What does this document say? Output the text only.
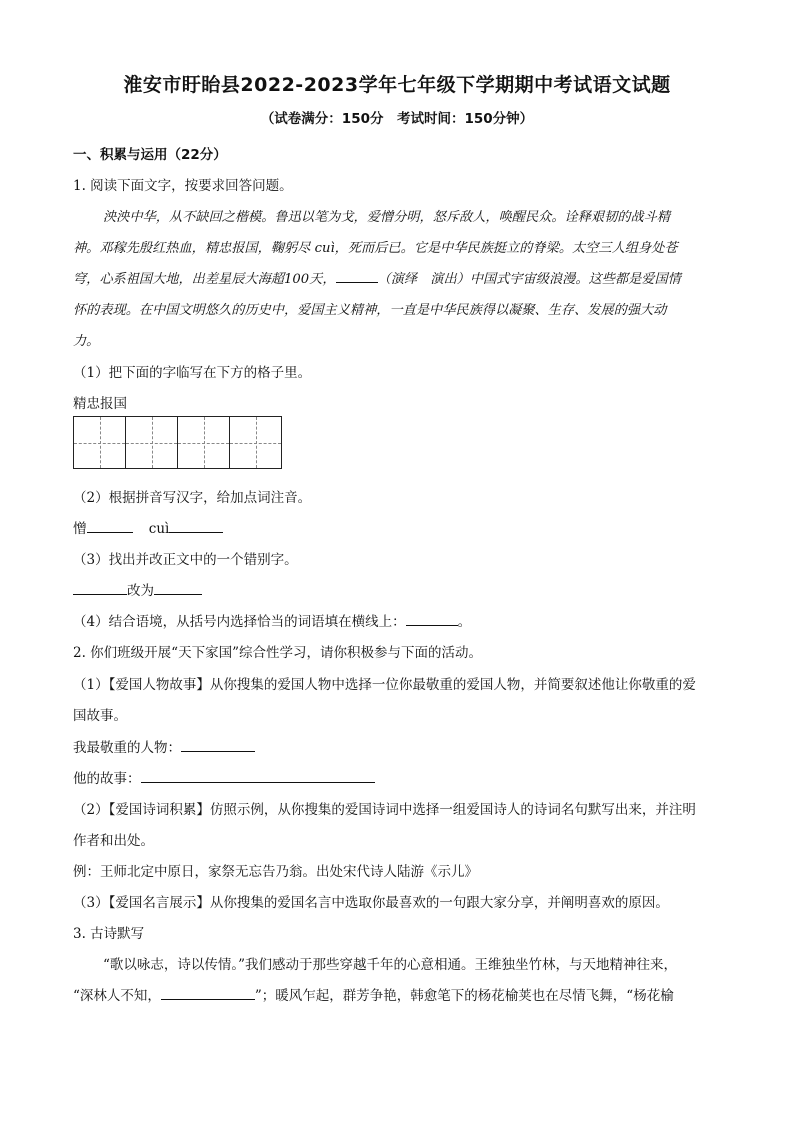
淮安市盱眙县2022-2023学年七年级下学期期中考试语文试题
（试卷满分：150分　考试时间：150分钟）
一、积累与运用（22分）
1. 阅读下面文字，按要求回答问题。
泱泱中华，从不缺回之楷模。鲁迅以笔为戈，爱憎分明，怒斥敌人，唤醒民众。诠释艰韧的战斗精
神。邓稼先殷红热血，精忠报国，鞠躬尽 cuì，死而后已。它是中华民族挺立的脊梁。太空三人组身处苍
穹，心系祖国大地，出差星辰大海超100天，	（演绎　演出）中国式宇宙级浪漫。这些都是爱国情
怀的表现。在中国文明悠久的历史中，爱国主义精神，一直是中华民族得以凝聚、生存、发展的强大动
力。
（1）把下面的字临写在下方的格子里。
精忠报国
（2）根据拼音写汉字，给加点词注音。
憎	cuì
（3）找出并改正文中的一个错别字。
改为
（4）结合语境，从括号内选择恰当的词语填在横线上：	。
2. 你们班级开展“天下家国”综合性学习，请你积极参与下面的活动。
（1）【爱国人物故事】从你搜集的爱国人物中选择一位你最敬重的爱国人物，并简要叙述他让你敬重的爱
国故事。
我最敬重的人物：
他的故事：
（2）【爱国诗词积累】仿照示例，从你搜集的爱国诗词中选择一组爱国诗人的诗词名句默写出来，并注明
作者和出处。
例：王师北定中原日，家祭无忘告乃翁。出处宋代诗人陆游《示儿》
（3）【爱国名言展示】从你搜集的爱国名言中选取你最喜欢的一句跟大家分享，并阐明喜欢的原因。
3. 古诗默写
“歌以咏志，诗以传情。”我们感动于那些穿越千年的心意相通。王维独坐竹林，与天地精神往来，
“深林人不知，	”；暖风乍起，群芳争艳，韩愈笔下的杨花榆荚也在尽情飞舞，“杨花榆
